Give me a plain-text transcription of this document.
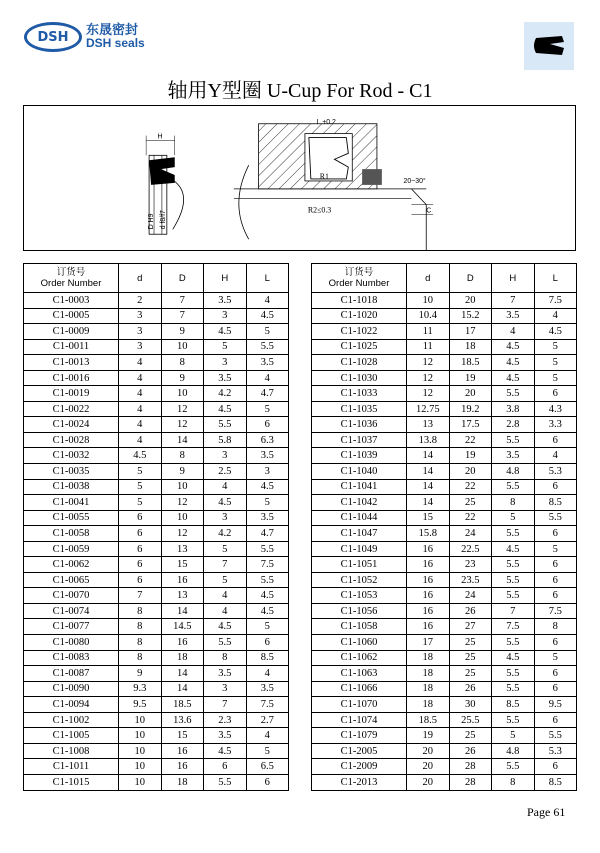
DSH	东晟密封
DSH seals
轴用Y型圈 U-Cup For Rod - C1
H
D H9 d f8/f7
L +0.2
R1
R2≤0.3
20~30°
C
订货号
Order Number	d	D	H	L
C1-0003	2	7	3.5	4
C1-0005	3	7	3	4.5
C1-0009	3	9	4.5	5
C1-0011	3	10	5	5.5
C1-0013	4	8	3	3.5
C1-0016	4	9	3.5	4
C1-0019	4	10	4.2	4.7
C1-0022	4	12	4.5	5
C1-0024	4	12	5.5	6
C1-0028	4	14	5.8	6.3
C1-0032	4.5	8	3	3.5
C1-0035	5	9	2.5	3
C1-0038	5	10	4	4.5
C1-0041	5	12	4.5	5
C1-0055	6	10	3	3.5
C1-0058	6	12	4.2	4.7
C1-0059	6	13	5	5.5
C1-0062	6	15	7	7.5
C1-0065	6	16	5	5.5
C1-0070	7	13	4	4.5
C1-0074	8	14	4	4.5
C1-0077	8	14.5	4.5	5
C1-0080	8	16	5.5	6
C1-0083	8	18	8	8.5
C1-0087	9	14	3.5	4
C1-0090	9.3	14	3	3.5
C1-0094	9.5	18.5	7	7.5
C1-1002	10	13.6	2.3	2.7
C1-1005	10	15	3.5	4
C1-1008	10	16	4.5	5
C1-1011	10	16	6	6.5
C1-1015	10	18	5.5	6
订货号
Order Number	d	D	H	L
C1-1018	10	20	7	7.5
C1-1020	10.4	15.2	3.5	4
C1-1022	11	17	4	4.5
C1-1025	11	18	4.5	5
C1-1028	12	18.5	4.5	5
C1-1030	12	19	4.5	5
C1-1033	12	20	5.5	6
C1-1035	12.75	19.2	3.8	4.3
C1-1036	13	17.5	2.8	3.3
C1-1037	13.8	22	5.5	6
C1-1039	14	19	3.5	4
C1-1040	14	20	4.8	5.3
C1-1041	14	22	5.5	6
C1-1042	14	25	8	8.5
C1-1044	15	22	5	5.5
C1-1047	15.8	24	5.5	6
C1-1049	16	22.5	4.5	5
C1-1051	16	23	5.5	6
C1-1052	16	23.5	5.5	6
C1-1053	16	24	5.5	6
C1-1056	16	26	7	7.5
C1-1058	16	27	7.5	8
C1-1060	17	25	5.5	6
C1-1062	18	25	4.5	5
C1-1063	18	25	5.5	6
C1-1066	18	26	5.5	6
C1-1070	18	30	8.5	9.5
C1-1074	18.5	25.5	5.5	6
C1-1079	19	25	5	5.5
C1-2005	20	26	4.8	5.3
C1-2009	20	28	5.5	6
C1-2013	20	28	8	8.5
Page 61
